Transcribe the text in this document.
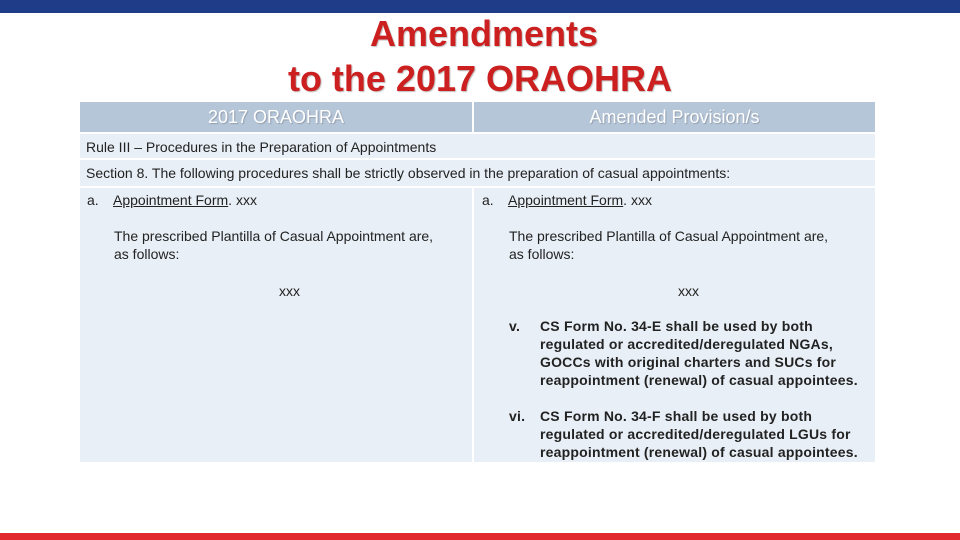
Amendments
to the 2017 ORAOHRA
2017 ORAOHRA	Amended Provision/s
Rule III – Procedures in the Preparation of Appointments
Section 8. The following procedures shall be strictly observed in the preparation of casual appointments:
a. Appointment Form. xxx
The prescribed Plantilla of Casual Appointment are,
as follows:
xxx
a. Appointment Form. xxx
The prescribed Plantilla of Casual Appointment are,
as follows:
xxx
v. CS Form No. 34-E shall be used by both
regulated or accredited/deregulated NGAs,
GOCCs with original charters and SUCs for
reappointment (renewal) of casual appointees.
vi. CS Form No. 34-F shall be used by both
regulated or accredited/deregulated LGUs for
reappointment (renewal) of casual appointees.
